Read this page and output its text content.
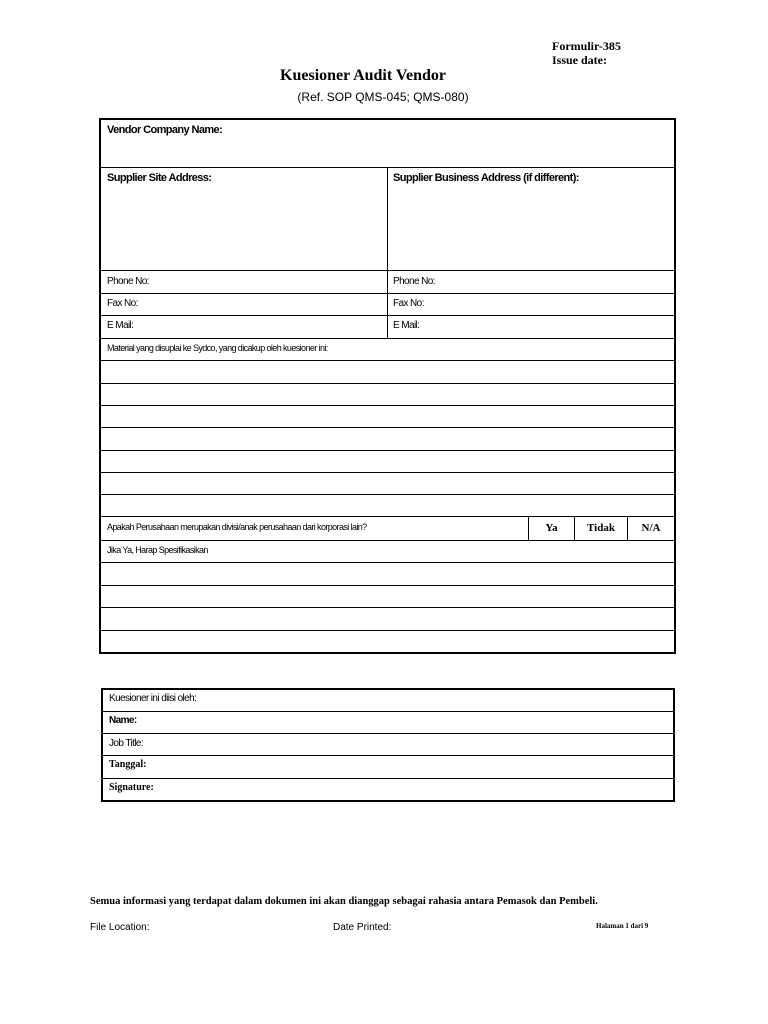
Formulir-385
Issue date:
Kuesioner Audit Vendor
(Ref. SOP QMS-045; QMS-080)
Vendor Company Name:
Supplier Site Address:	Supplier Business Address (if different):
Phone No:	Phone No:
Fax No:	Fax No:
E Mail:	E Mail:
Material yang disuplai ke Sydco, yang dicakup oleh kuesioner ini:
Apakah Perusahaan merupakan divisi/anak perusahaan dari korporasi lain?	Ya	Tidak	N/A
Jika Ya, Harap Spesifikasikan
Kuesioner ini diisi oleh:
Name:
Job Title:
Tanggal:
Signature:
Semua informasi yang terdapat dalam dokumen ini akan dianggap sebagai rahasia antara Pemasok dan Pembeli.
File Location:	Date Printed:	Halaman 1 dari 9
